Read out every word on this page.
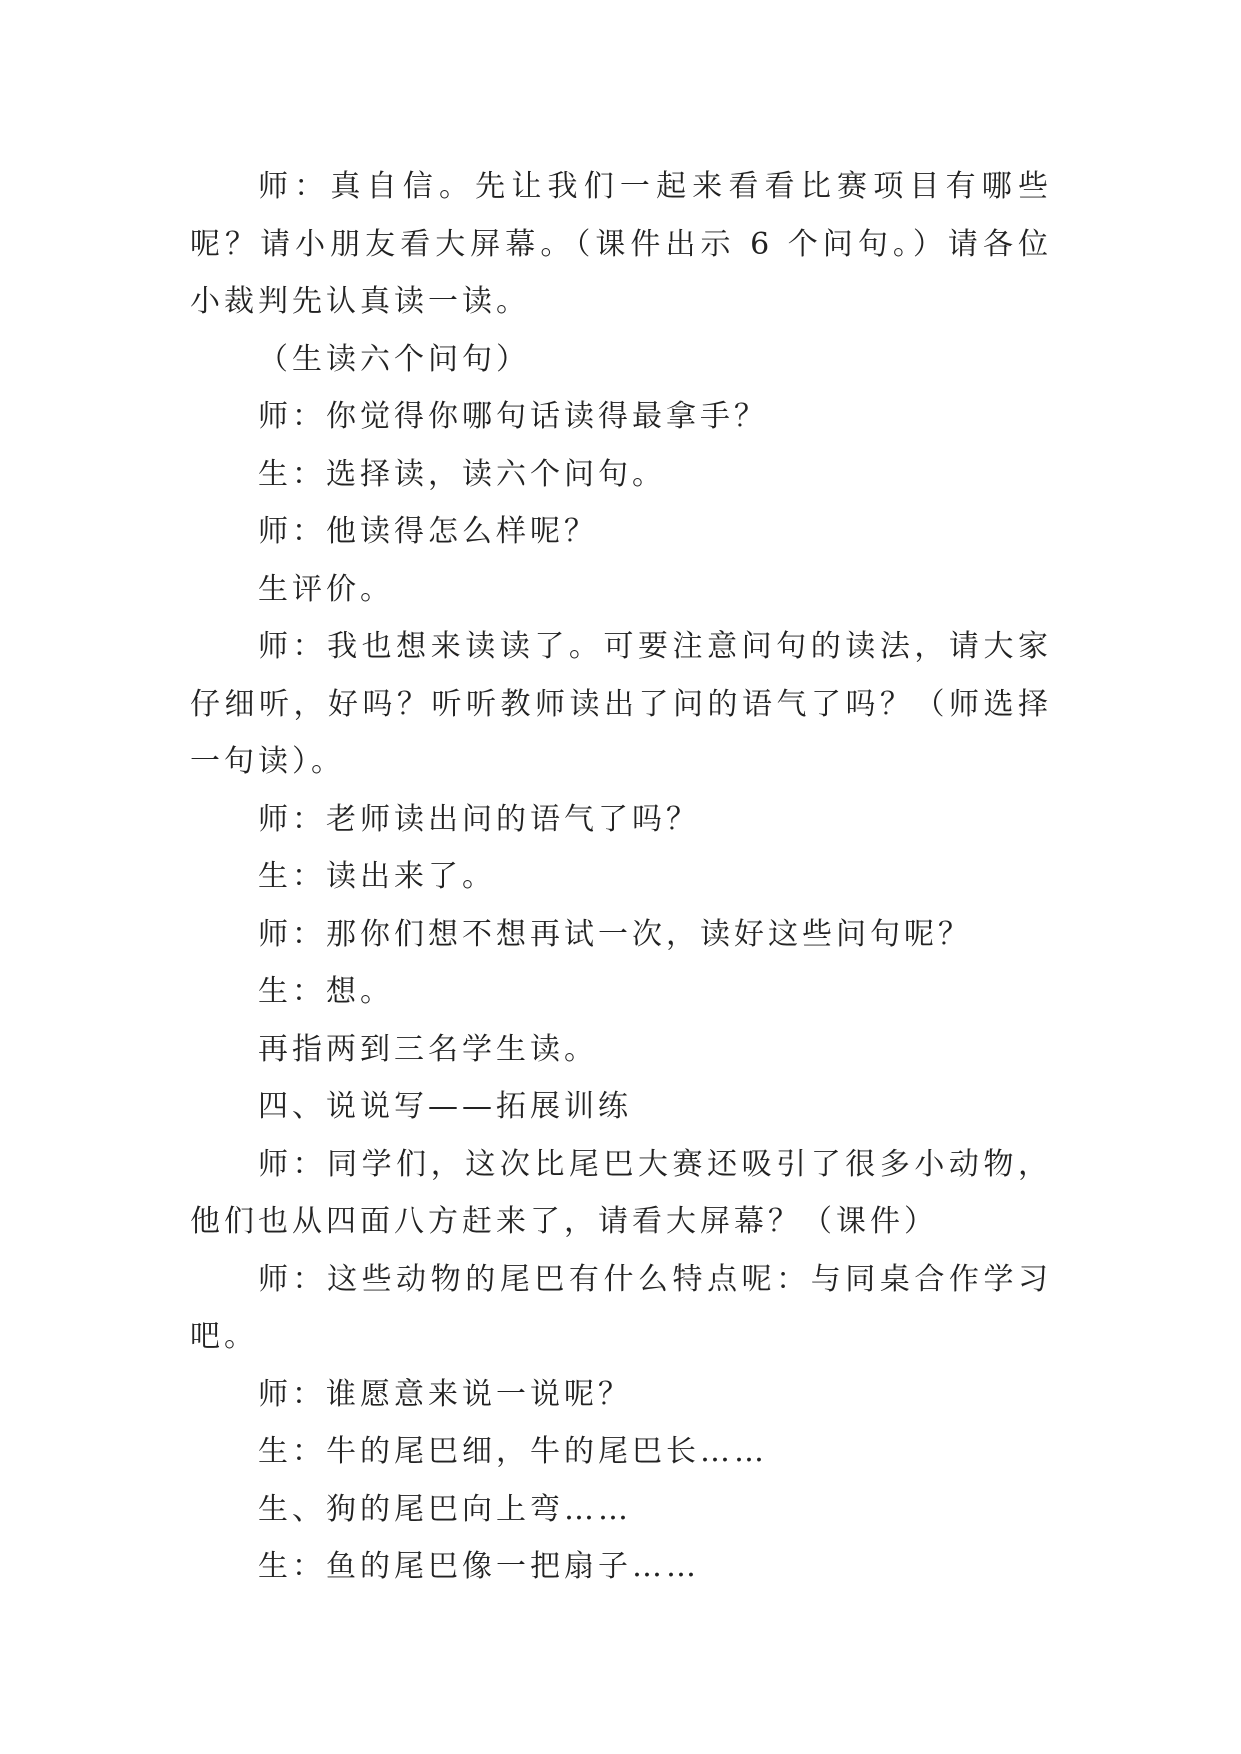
师：真自信。先让我们一起来看看比赛项目有哪些呢？请小朋友看大屏幕。（课件出示 6 个问句。）请各位小裁判先认真读一读。

（生读六个问句）

师：你觉得你哪句话读得最拿手？

生：选择读，读六个问句。

师：他读得怎么样呢？

生评价。

师：我也想来读读了。可要注意问句的读法，请大家仔细听，好吗？听听教师读出了问的语气了吗？（师选择一句读）。

师：老师读出问的语气了吗？

生：读出来了。

师：那你们想不想再试一次，读好这些问句呢？

生：想。

再指两到三名学生读。

四、说说写——拓展训练

师：同学们，这次比尾巴大赛还吸引了很多小动物，他们也从四面八方赶来了，请看大屏幕？（课件）

师：这些动物的尾巴有什么特点呢：与同桌合作学习吧。

师：谁愿意来说一说呢？

生：牛的尾巴细，牛的尾巴长……

生、狗的尾巴向上弯……

生：鱼的尾巴像一把扇子……
